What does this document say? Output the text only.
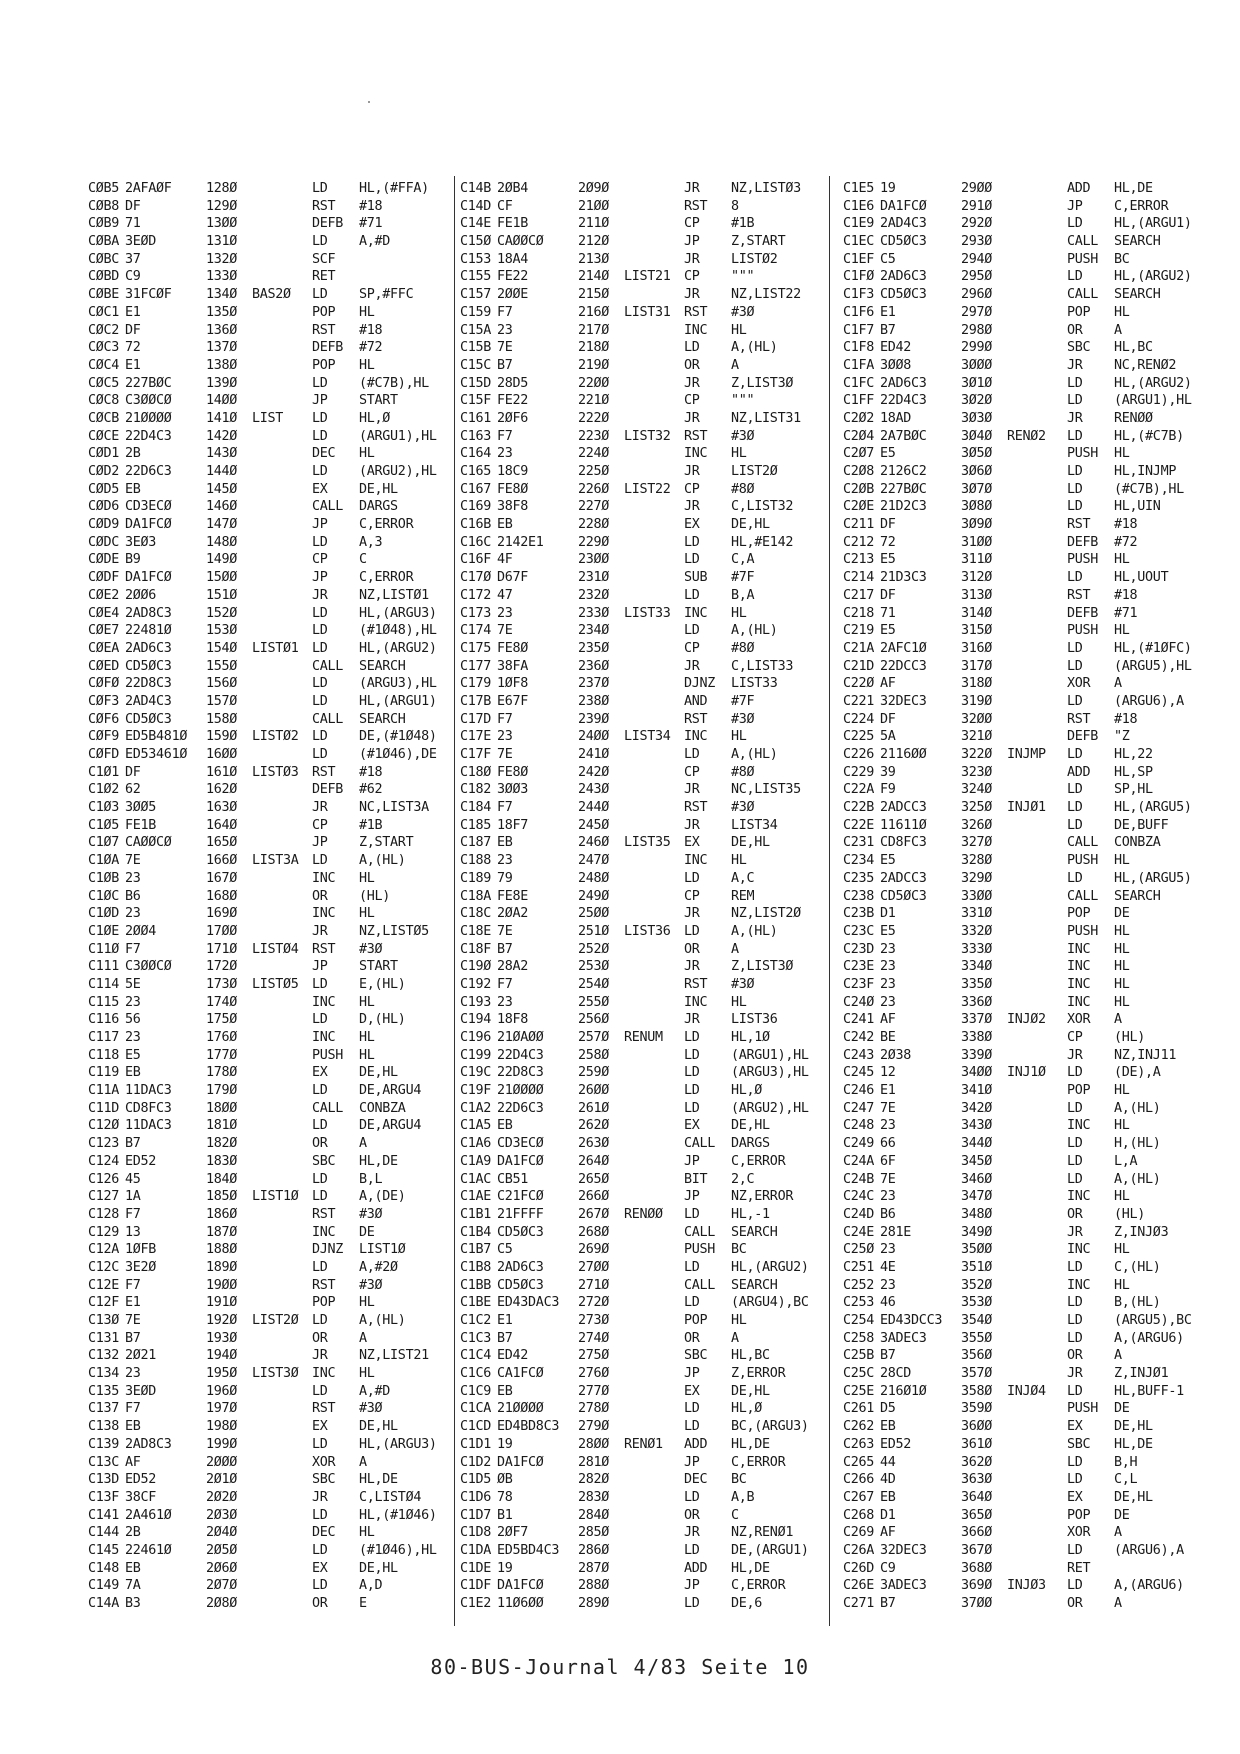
CØB5 2AFAØF	128Ø	LD HL,(#FFA)
CØB8 DF	129Ø	RST #18
CØB9 71	13ØØ	DEFB #71
CØBA 3EØD	131Ø	LD A,#D
CØBC 37	132Ø	SCF
CØBD C9	133Ø	RET
CØBE 31FCØF	134Ø BAS2Ø LD SP,#FFC
CØC1 E1	135Ø	POP HL
CØC2 DF	136Ø	RST #18
CØC3 72	137Ø	DEFB #72
CØC4 E1	138Ø	POP HL
CØC5 227BØC	139Ø	LD (#C7B),HL
CØC8 C3ØØCØ	14ØØ	JP START
CØCB 21ØØØØ	141Ø LIST LD HL,Ø
CØCE 22D4C3	142Ø	LD (ARGU1),HL
CØD1 2B	143Ø	DEC HL
CØD2 22D6C3	144Ø	LD (ARGU2),HL
CØD5 EB	145Ø	EX DE,HL
CØD6 CD3ECØ	146Ø	CALL DARGS
CØD9 DA1FCØ	147Ø	JP C,ERROR
CØDC 3EØ3	148Ø	LD A,3
CØDE B9	149Ø	CP C
CØDF DA1FCØ	15ØØ	JP C,ERROR
CØE2 2ØØ6	151Ø	JR NZ,LISTØ1
CØE4 2AD8C3	152Ø	LD HL,(ARGU3)
CØE7 22481Ø	153Ø	LD (#1Ø48),HL
CØEA 2AD6C3	154Ø LISTØ1 LD HL,(ARGU2)
CØED CD5ØC3	155Ø	CALL SEARCH
CØFØ 22D8C3	156Ø	LD (ARGU3),HL
CØF3 2AD4C3	157Ø	LD HL,(ARGU1)
CØF6 CD5ØC3	158Ø	CALL SEARCH
CØF9 ED5B481Ø 159Ø LISTØ2 LD DE,(#1Ø48)
CØFD ED53461Ø 16ØØ	LD (#1Ø46),DE
C1Ø1 DF	161Ø LISTØ3 RST #18
C1Ø2 62	162Ø	DEFB #62
C1Ø3 3ØØ5	163Ø	JR NC,LIST3A
C1Ø5 FE1B	164Ø	CP #1B
C1Ø7 CAØØCØ	165Ø	JP Z,START
C1ØA 7E	166Ø LIST3A LD A,(HL)
C1ØB 23	167Ø	INC HL
C1ØC B6	168Ø	OR (HL)
C1ØD 23	169Ø	INC HL
C1ØE 2ØØ4	17ØØ	JR NZ,LISTØ5
C11Ø F7	171Ø LISTØ4 RST #3Ø
C111 C3ØØCØ	172Ø	JP START
C114 5E	173Ø LISTØ5 LD E,(HL)
C115 23	174Ø	INC HL
C116 56	175Ø	LD D,(HL)
C117 23	176Ø	INC HL
C118 E5	177Ø	PUSH HL
C119 EB	178Ø	EX DE,HL
C11A 11DAC3	179Ø	LD DE,ARGU4
C11D CD8FC3	18ØØ	CALL CONBZA
C12Ø 11DAC3	181Ø	LD DE,ARGU4
C123 B7	182Ø	OR A
C124 ED52	183Ø	SBC HL,DE
C126 45	184Ø	LD B,L
C127 1A	185Ø LIST1Ø LD A,(DE)
C128 F7	186Ø	RST #3Ø
C129 13	187Ø	INC DE
C12A 1ØFB	188Ø	DJNZ LIST1Ø
C12C 3E2Ø	189Ø	LD A,#2Ø
C12E F7	19ØØ	RST #3Ø
C12F E1	191Ø	POP HL
C13Ø 7E	192Ø LIST2Ø LD A,(HL)
C131 B7	193Ø	OR A
C132 2Ø21	194Ø	JR NZ,LIST21
C134 23	195Ø LIST3Ø INC HL
C135 3EØD	196Ø	LD A,#D
C137 F7	197Ø	RST #3Ø
C138 EB	198Ø	EX DE,HL
C139 2AD8C3	199Ø	LD HL,(ARGU3)
C13C AF	2ØØØ	XOR A
C13D ED52	2Ø1Ø	SBC HL,DE
C13F 38CF	2Ø2Ø	JR C,LISTØ4
C141 2A461Ø	2Ø3Ø	LD HL,(#1Ø46)
C144 2B	2Ø4Ø	DEC HL
C145 22461Ø	2Ø5Ø	LD (#1Ø46),HL
C148 EB	2Ø6Ø	EX DE,HL
C149 7A	2Ø7Ø	LD A,D
C14A B3	2Ø8Ø	OR E
C14B 2ØB4	2Ø9Ø	JR NZ,LISTØ3
C14D CF	21ØØ	RST 8
C14E FE1B	211Ø	CP #1B
C15Ø CAØØCØ	212Ø	JP Z,START
C153 18A4	213Ø	JR LISTØ2
C155 FE22	214Ø LIST21 CP """
C157 2ØØE	215Ø	JR NZ,LIST22
C159 F7	216Ø LIST31 RST #3Ø
C15A 23	217Ø	INC HL
C15B 7E	218Ø	LD A,(HL)
C15C B7	219Ø	OR A
C15D 28D5	22ØØ	JR Z,LIST3Ø
C15F FE22	221Ø	CP """
C161 2ØF6	222Ø	JR NZ,LIST31
C163 F7	223Ø LIST32 RST #3Ø
C164 23	224Ø	INC HL
C165 18C9	225Ø	JR LIST2Ø
C167 FE8Ø	226Ø LIST22 CP #8Ø
C169 38F8	227Ø	JR C,LIST32
C16B EB	228Ø	EX DE,HL
C16C 2142E1	229Ø	LD HL,#E142
C16F 4F	23ØØ	LD C,A
C17Ø D67F	231Ø	SUB #7F
C172 47	232Ø	LD B,A
C173 23	233Ø LIST33 INC HL
C174 7E	234Ø	LD A,(HL)
C175 FE8Ø	235Ø	CP #8Ø
C177 38FA	236Ø	JR C,LIST33
C179 1ØF8	237Ø	DJNZ LIST33
C17B E67F	238Ø	AND #7F
C17D F7	239Ø	RST #3Ø
C17E 23	24ØØ LIST34 INC HL
C17F 7E	241Ø	LD A,(HL)
C18Ø FE8Ø	242Ø	CP #8Ø
C182 3ØØ3	243Ø	JR NC,LIST35
C184 F7	244Ø	RST #3Ø
C185 18F7	245Ø	JR LIST34
C187 EB	246Ø LIST35 EX DE,HL
C188 23	247Ø	INC HL
C189 79	248Ø	LD A,C
C18A FE8E	249Ø	CP REM
C18C 2ØA2	25ØØ	JR NZ,LIST2Ø
C18E 7E	251Ø LIST36 LD A,(HL)
C18F B7	252Ø	OR A
C19Ø 28A2	253Ø	JR Z,LIST3Ø
C192 F7	254Ø	RST #3Ø
C193 23	255Ø	INC HL
C194 18F8	256Ø	JR LIST36
C196 21ØAØØ	257Ø RENUM LD HL,1Ø
C199 22D4C3	258Ø	LD (ARGU1),HL
C19C 22D8C3	259Ø	LD (ARGU3),HL
C19F 21ØØØØ	26ØØ	LD HL,Ø
C1A2 22D6C3	261Ø	LD (ARGU2),HL
C1A5 EB	262Ø	EX DE,HL
C1A6 CD3ECØ	263Ø	CALL DARGS
C1A9 DA1FCØ	264Ø	JP C,ERROR
C1AC CB51	265Ø	BIT 2,C
C1AE C21FCØ	266Ø	JP NZ,ERROR
C1B1 21FFFF	267Ø RENØØ LD HL,-1
C1B4 CD5ØC3	268Ø	CALL SEARCH
C1B7 C5	269Ø	PUSH BC
C1B8 2AD6C3	27ØØ	LD HL,(ARGU2)
C1BB CD5ØC3	271Ø	CALL SEARCH
C1BE ED43DAC3 272Ø	LD (ARGU4),BC
C1C2 E1	273Ø	POP HL
C1C3 B7	274Ø	OR A
C1C4 ED42	275Ø	SBC HL,BC
C1C6 CA1FCØ	276Ø	JP Z,ERROR
C1C9 EB	277Ø	EX DE,HL
C1CA 21ØØØØ	278Ø	LD HL,Ø
C1CD ED4BD8C3 279Ø	LD BC,(ARGU3)
C1D1 19	28ØØ RENØ1 ADD HL,DE
C1D2 DA1FCØ	281Ø	JP C,ERROR
C1D5 ØB	282Ø	DEC BC
C1D6 78	283Ø	LD A,B
C1D7 B1	284Ø	OR C
C1D8 2ØF7	285Ø	JR NZ,RENØ1
C1DA ED5BD4C3 286Ø	LD DE,(ARGU1)
C1DE 19	287Ø	ADD HL,DE
C1DF DA1FCØ	288Ø	JP C,ERROR
C1E2 11Ø6ØØ	289Ø	LD DE,6
C1E5 19	29ØØ	ADD HL,DE
C1E6 DA1FCØ	291Ø	JP C,ERROR
C1E9 2AD4C3	292Ø	LD HL,(ARGU1)
C1EC CD5ØC3	293Ø	CALL SEARCH
C1EF C5	294Ø	PUSH BC
C1FØ 2AD6C3	295Ø	LD HL,(ARGU2)
C1F3 CD5ØC3	296Ø	CALL SEARCH
C1F6 E1	297Ø	POP HL
C1F7 B7	298Ø	OR A
C1F8 ED42	299Ø	SBC HL,BC
C1FA 3ØØ8	3ØØØ	JR NC,RENØ2
C1FC 2AD6C3	3Ø1Ø	LD HL,(ARGU2)
C1FF 22D4C3	3Ø2Ø	LD (ARGU1),HL
C2Ø2 18AD	3Ø3Ø	JR RENØØ
C2Ø4 2A7BØC	3Ø4Ø RENØ2 LD HL,(#C7B)
C2Ø7 E5	3Ø5Ø	PUSH HL
C2Ø8 2126C2	3Ø6Ø	LD HL,INJMP
C2ØB 227BØC	3Ø7Ø	LD (#C7B),HL
C2ØE 21D2C3	3Ø8Ø	LD HL,UIN
C211 DF	3Ø9Ø	RST #18
C212 72	31ØØ	DEFB #72
C213 E5	311Ø	PUSH HL
C214 21D3C3	312Ø	LD HL,UOUT
C217 DF	313Ø	RST #18
C218 71	314Ø	DEFB #71
C219 E5	315Ø	PUSH HL
C21A 2AFC1Ø	316Ø	LD HL,(#1ØFC)
C21D 22DCC3	317Ø	LD (ARGU5),HL
C22Ø AF	318Ø	XOR A
C221 32DEC3	319Ø	LD (ARGU6),A
C224 DF	32ØØ	RST #18
C225 5A	321Ø	DEFB "Z
C226 2116ØØ	322Ø INJMP LD HL,22
C229 39	323Ø	ADD HL,SP
C22A F9	324Ø	LD SP,HL
C22B 2ADCC3	325Ø INJØ1 LD HL,(ARGU5)
C22E 11611Ø	326Ø	LD DE,BUFF
C231 CD8FC3	327Ø	CALL CONBZA
C234 E5	328Ø	PUSH HL
C235 2ADCC3	329Ø	LD HL,(ARGU5)
C238 CD5ØC3	33ØØ	CALL SEARCH
C23B D1	331Ø	POP DE
C23C E5	332Ø	PUSH HL
C23D 23	333Ø	INC HL
C23E 23	334Ø	INC HL
C23F 23	335Ø	INC HL
C24Ø 23	336Ø	INC HL
C241 AF	337Ø INJØ2 XOR A
C242 BE	338Ø	CP (HL)
C243 2Ø38	339Ø	JR NZ,INJ11
C245 12	34ØØ INJ1Ø LD (DE),A
C246 E1	341Ø	POP HL
C247 7E	342Ø	LD A,(HL)
C248 23	343Ø	INC HL
C249 66	344Ø	LD H,(HL)
C24A 6F	345Ø	LD L,A
C24B 7E	346Ø	LD A,(HL)
C24C 23	347Ø	INC HL
C24D B6	348Ø	OR (HL)
C24E 281E	349Ø	JR Z,INJØ3
C25Ø 23	35ØØ	INC HL
C251 4E	351Ø	LD C,(HL)
C252 23	352Ø	INC HL
C253 46	353Ø	LD B,(HL)
C254 ED43DCC3 354Ø	LD (ARGU5),BC
C258 3ADEC3	355Ø	LD A,(ARGU6)
C25B B7	356Ø	OR A
C25C 28CD	357Ø	JR Z,INJØ1
C25E 216Ø1Ø	358Ø INJØ4 LD HL,BUFF-1
C261 D5	359Ø	PUSH DE
C262 EB	36ØØ	EX DE,HL
C263 ED52	361Ø	SBC HL,DE
C265 44	362Ø	LD B,H
C266 4D	363Ø	LD C,L
C267 EB	364Ø	EX DE,HL
C268 D1	365Ø	POP DE
C269 AF	366Ø	XOR A
C26A 32DEC3	367Ø	LD (ARGU6),A
C26D C9	368Ø	RET
C26E 3ADEC3	369Ø INJØ3 LD A,(ARGU6)
C271 B7	37ØØ	OR A
80-BUS-Journal 4/83 Seite 10
